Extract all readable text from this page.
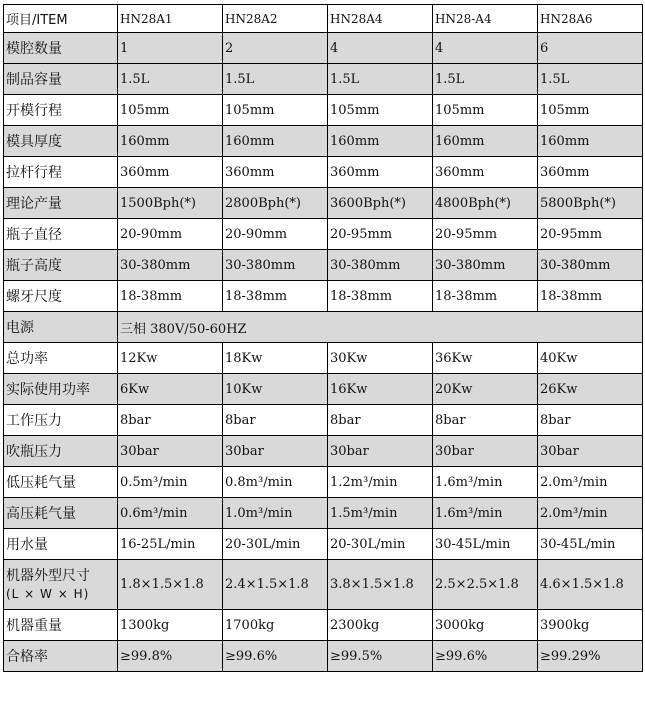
项目/ITEM	HN28A1	HN28A2	HN28A4	HN28-A4	HN28A6
模腔数量	1	2	4	4	6
制品容量	1.5L	1.5L	1.5L	1.5L	1.5L
开模行程	105mm	105mm	105mm	105mm	105mm
模具厚度	160mm	160mm	160mm	160mm	160mm
拉杆行程	360mm	360mm	360mm	360mm	360mm
理论产量	1500Bph(*)	2800Bph(*)	3600Bph(*)	4800Bph(*)	5800Bph(*)
瓶子直径	20-90mm	20-90mm	20-95mm	20-95mm	20-95mm
瓶子高度	30-380mm	30-380mm	30-380mm	30-380mm	30-380mm
螺牙尺度	18-38mm	18-38mm	18-38mm	18-38mm	18-38mm
电源	三相 380V/50-60HZ				
总功率	12Kw	18Kw	30Kw	36Kw	40Kw
实际使用功率	6Kw	10Kw	16Kw	20Kw	26Kw
工作压力	8bar	8bar	8bar	8bar	8bar
吹瓶压力	30bar	30bar	30bar	30bar	30bar
低压耗气量	0.5m³/min	0.8m³/min	1.2m³/min	1.6m³/min	2.0m³/min
高压耗气量	0.6m³/min	1.0m³/min	1.5m³/min	1.6m³/min	2.0m³/min
用水量	16-25L/min	20-30L/min	20-30L/min	30-45L/min	30-45L/min
机器外型尺寸
(L × W × H)	1.8×1.5×1.8	2.4×1.5×1.8	3.8×1.5×1.8	2.5×2.5×1.8	4.6×1.5×1.8
机器重量	1300kg	1700kg	2300kg	3000kg	3900kg
合格率	≥99.8%	≥99.6%	≥99.5%	≥99.6%	≥99.29%
